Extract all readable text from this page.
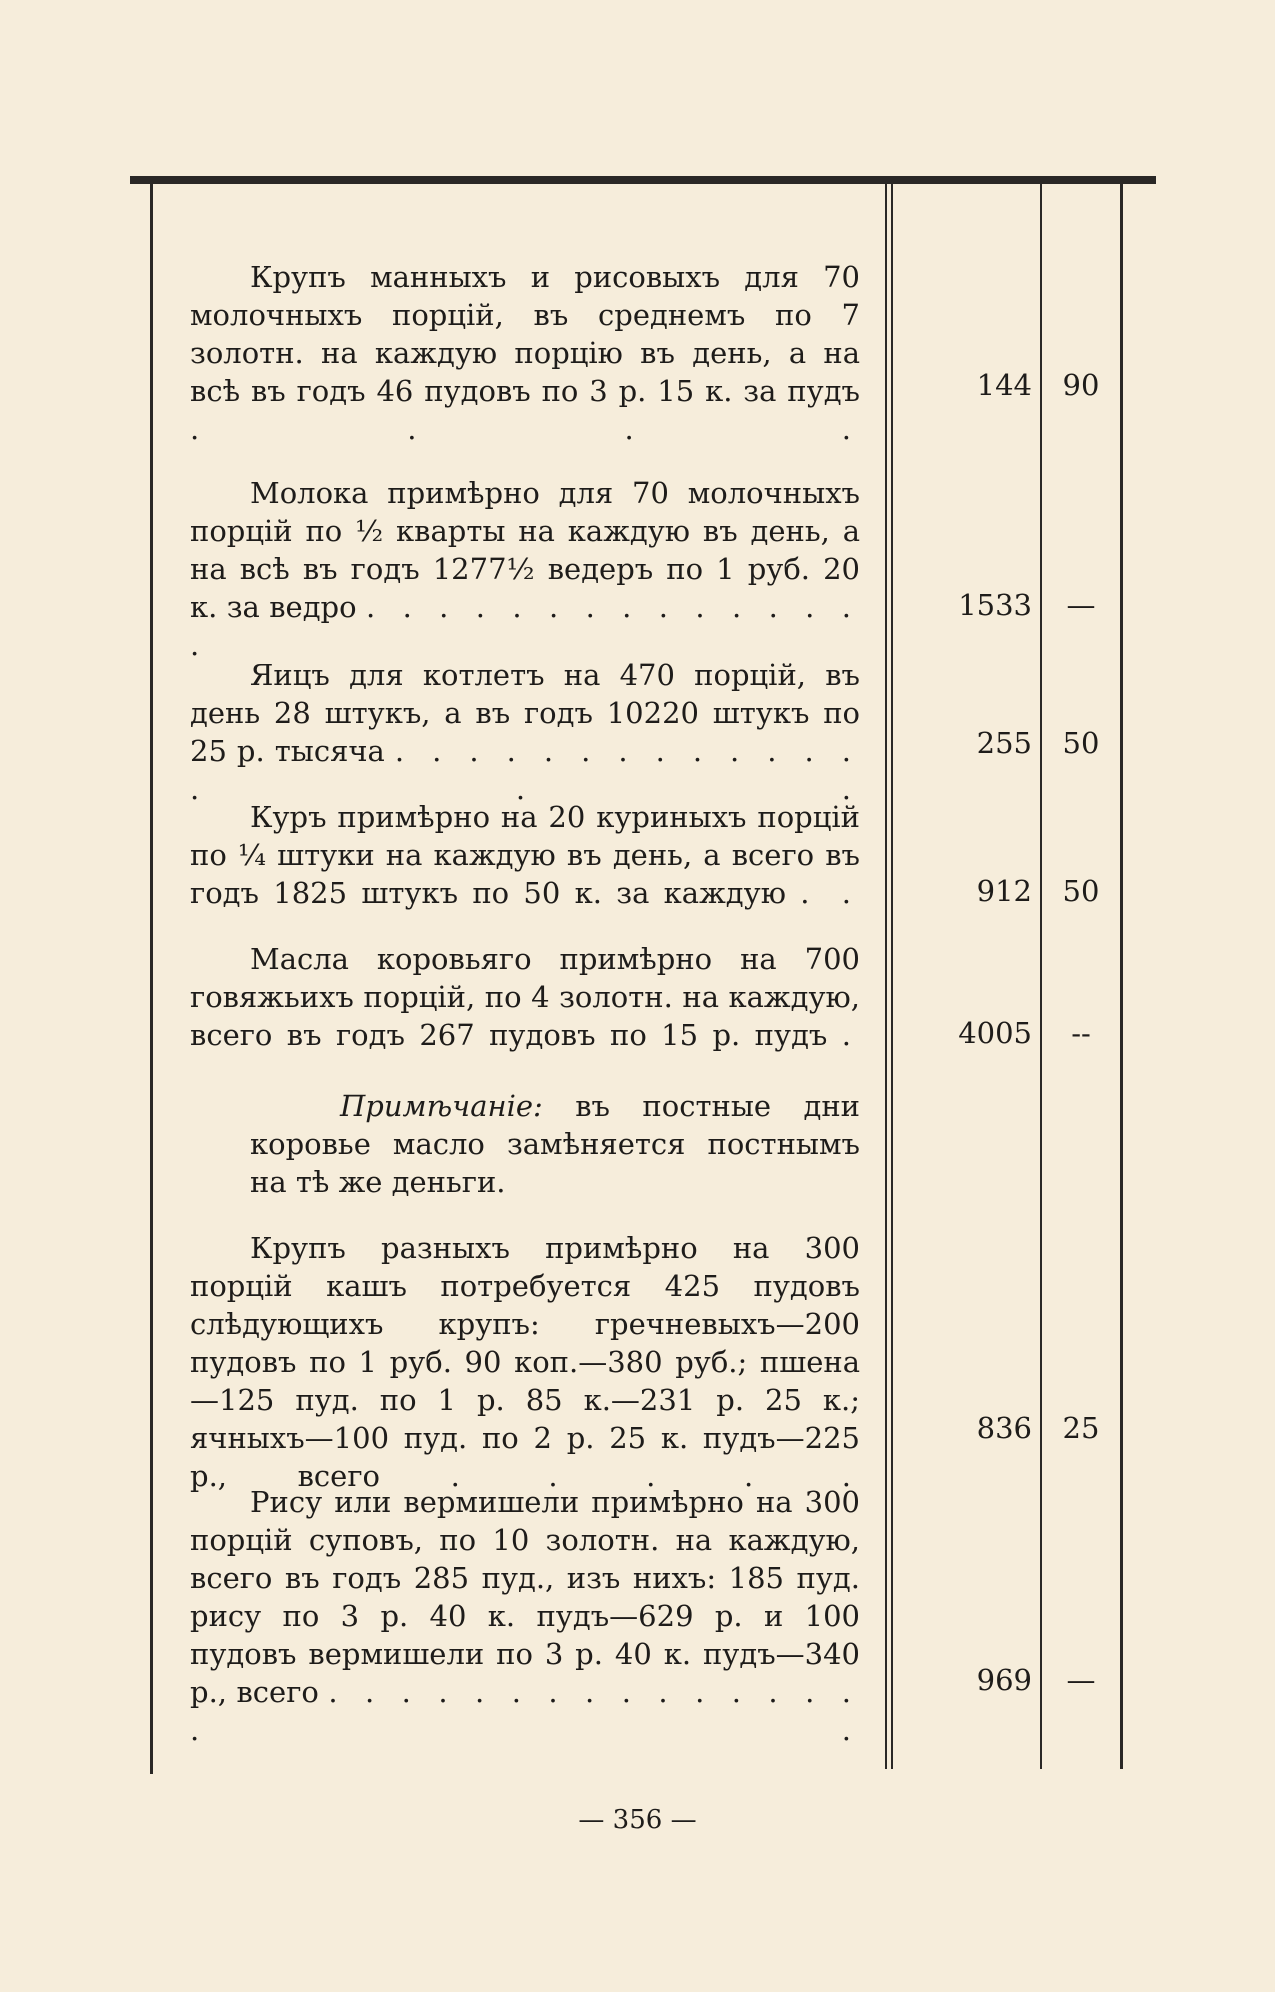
Крупъ манныхъ и рисовыхъ для 70 молочныхъ порцій, въ среднемъ по 7 золотн. на каждую порцію въ день, а на всѣ въ годъ 46 пудовъ по 3 р. 15 к. за пудъ . . . .
144	90
Молока примѣрно для 70 молочныхъ порцій по ½ кварты на каждую въ день, а на всѣ въ годъ 1277½ ведеръ по 1 руб. 20 к. за ведро . . . . . . . . . . . . . . .
1533	—
Яицъ для котлетъ на 470 порцій, въ день 28 штукъ, а въ годъ 10220 штукъ по 25 р. тысяча . . . . . . . . . . . . . . . .
255	50
Куръ примѣрно на 20 куриныхъ порцій по ¼ штуки на каждую въ день, а всего въ годъ 1825 штукъ по 50 к. за каждую . .	912	50
Масла коровьяго примѣрно на 700 говяжьихъ порцій, по 4 золотн. на каждую, всего въ годъ 267 пудовъ по 15 р. пудъ .	4005	--
Примѣчаніе: въ постные дни коровье масло замѣняется постнымъ на тѣ же деньги.
Крупъ разныхъ примѣрно на 300 порцій кашъ потребуется 425 пудовъ слѣдующихъ крупъ: гречневыхъ—200 пудовъ по 1 руб. 90 коп.—380 руб.; пшена—125 пуд. по 1 р. 85 к.—231 р. 25 к.; ячныхъ—100 пуд. по 2 р. 25 к. пудъ—225 р., всего . . . . .
836	25
Рису или вермишели примѣрно на 300 порцій суповъ, по 10 золотн. на каждую, всего въ годъ 285 пуд., изъ нихъ: 185 пуд. рису по 3 р. 40 к. пудъ—629 р. и 100 пудовъ вермишели по 3 р. 40 к. пудъ—340 р., всего . . . . . . . . . . . . . . . . .
969	—
— 356 —
